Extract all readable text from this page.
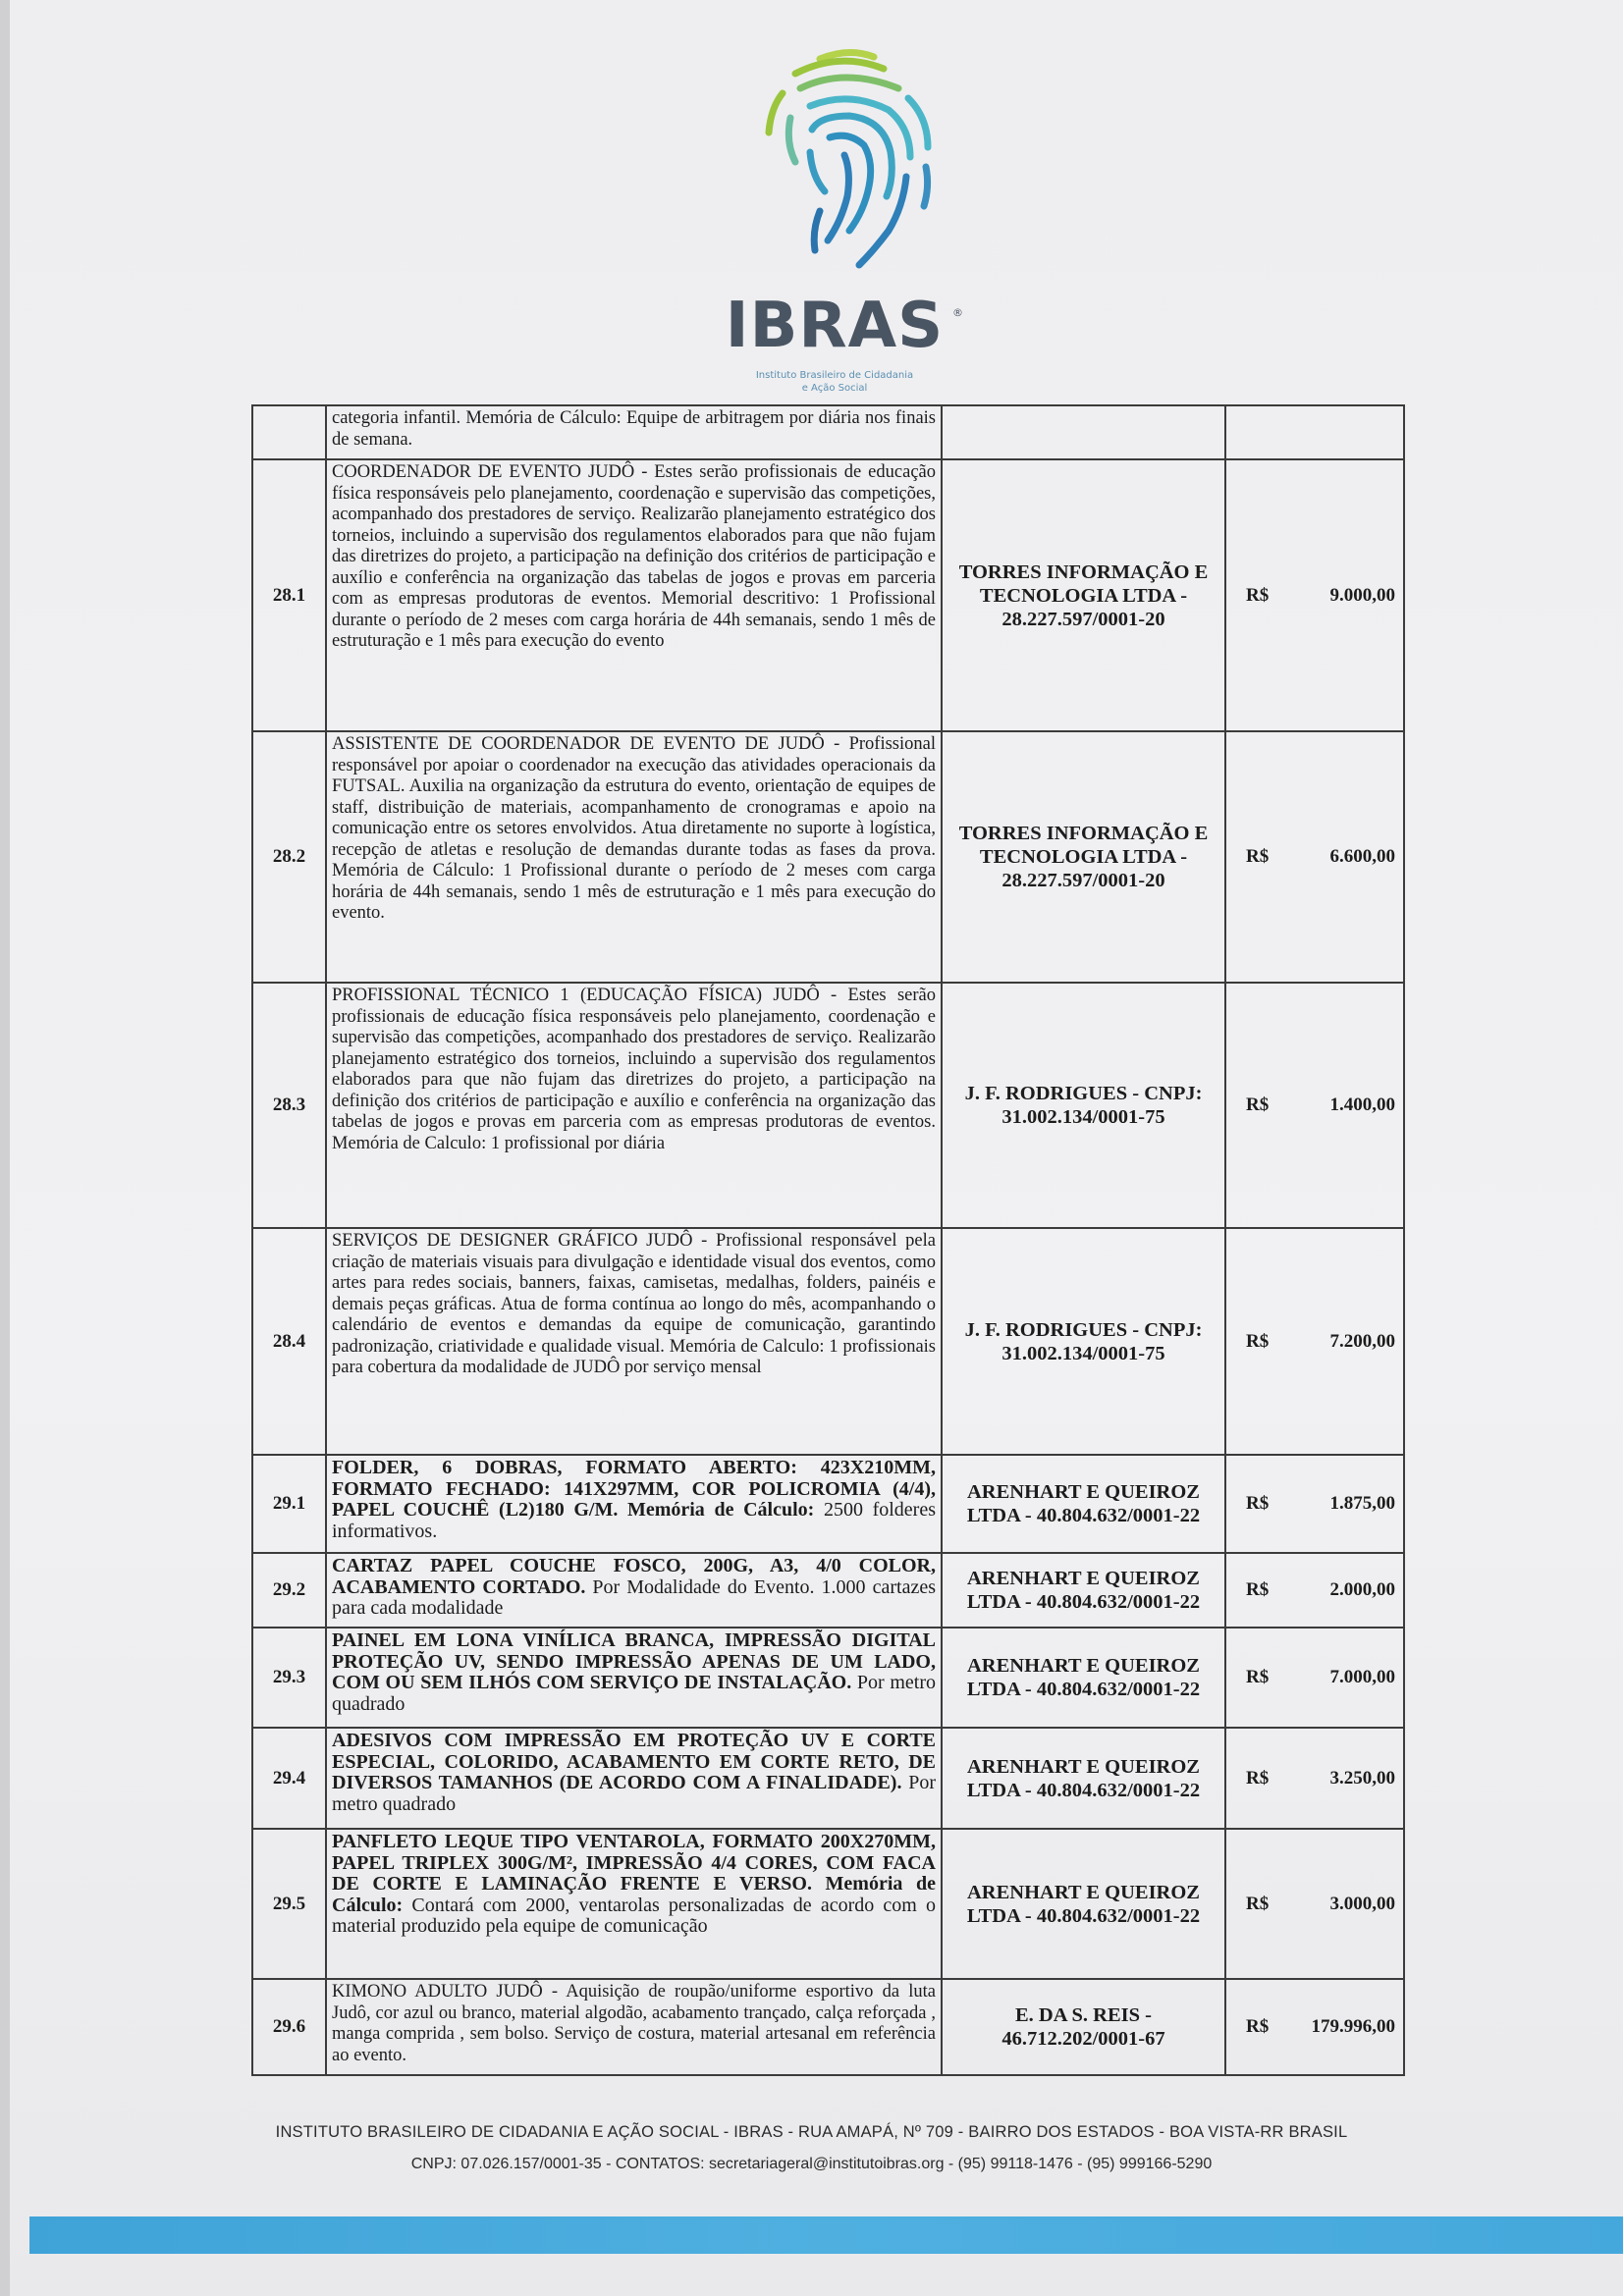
IBRAS ®
Instituto Brasileiro de Cidadania
e Ação Social
	categoria infantil. Memória de Cálculo: Equipe de arbitragem por diária nos finais de semana.		
28.1	COORDENADOR DE EVENTO JUDÔ - Estes serão profissionais de educação física responsáveis pelo planejamento, coordenação e supervisão das competições, acompanhado dos prestadores de serviço. Realizarão planejamento estratégico dos torneios, incluindo a supervisão dos regulamentos elaborados para que não fujam das diretrizes do projeto, a participação na definição dos critérios de participação e auxílio e conferência na organização das tabelas de jogos e provas em parceria com as empresas produtoras de eventos. Memorial descritivo: 1 Profissional durante o período de 2 meses com carga horária de 44h semanais, sendo 1 mês de estruturação e 1 mês para execução do evento	TORRES INFORMAÇÃO E TECNOLOGIA LTDA - 28.227.597/0001-20	R$ 9.000,00

28.2	ASSISTENTE DE COORDENADOR DE EVENTO DE JUDÔ - Profissional responsável por apoiar o coordenador na execução das atividades operacionais da FUTSAL. Auxilia na organização da estrutura do evento, orientação de equipes de staff, distribuição de materiais, acompanhamento de cronogramas e apoio na comunicação entre os setores envolvidos. Atua diretamente no suporte à logística, recepção de atletas e resolução de demandas durante todas as fases da prova. Memória de Cálculo: 1 Profissional durante o período de 2 meses com carga horária de 44h semanais, sendo 1 mês de estruturação e 1 mês para execução do evento.	TORRES INFORMAÇÃO E TECNOLOGIA LTDA - 28.227.597/0001-20	R$ 6.600,00

28.3	PROFISSIONAL TÉCNICO 1 (EDUCAÇÃO FÍSICA) JUDÔ - Estes serão profissionais de educação física responsáveis pelo planejamento, coordenação e supervisão das competições, acompanhado dos prestadores de serviço. Realizarão planejamento estratégico dos torneios, incluindo a supervisão dos regulamentos elaborados para que não fujam das diretrizes do projeto, a participação na definição dos critérios de participação e auxílio e conferência na organização das tabelas de jogos e provas em parceria com as empresas produtoras de eventos. Memória de Calculo: 1 profissional por diária	J. F. RODRIGUES - CNPJ: 31.002.134/0001-75	R$ 1.400,00

28.4	SERVIÇOS DE DESIGNER GRÁFICO JUDÔ - Profissional responsável pela criação de materiais visuais para divulgação e identidade visual dos eventos, como artes para redes sociais, banners, faixas, camisetas, medalhas, folders, painéis e demais peças gráficas. Atua de forma contínua ao longo do mês, acompanhando o calendário de eventos e demandas da equipe de comunicação, garantindo padronização, criatividade e qualidade visual. Memória de Calculo: 1 profissionais para cobertura da modalidade de JUDÔ por serviço mensal	J. F. RODRIGUES - CNPJ: 31.002.134/0001-75	R$ 7.200,00

29.1	FOLDER, 6 DOBRAS, FORMATO ABERTO: 423X210MM, FORMATO FECHADO: 141X297MM, COR POLICROMIA (4/4), PAPEL COUCHÊ (L2)180 G/M. Memória de Cálculo: 2500 folderes informativos.	ARENHART E QUEIROZ LTDA - 40.804.632/0001-22	R$ 1.875,00

29.2	CARTAZ PAPEL COUCHE FOSCO, 200G, A3, 4/0 COLOR, ACABAMENTO CORTADO. Por Modalidade do Evento. 1.000 cartazes para cada modalidade	ARENHART E QUEIROZ LTDA - 40.804.632/0001-22	R$ 2.000,00

29.3	PAINEL EM LONA VINÍLICA BRANCA, IMPRESSÃO DIGITAL PROTEÇÃO UV, SENDO IMPRESSÃO APENAS DE UM LADO, COM OU SEM ILHÓS COM SERVIÇO DE INSTALAÇÃO. Por metro quadrado	ARENHART E QUEIROZ LTDA - 40.804.632/0001-22	R$ 7.000,00

29.4	ADESIVOS COM IMPRESSÃO EM PROTEÇÃO UV E CORTE ESPECIAL, COLORIDO, ACABAMENTO EM CORTE RETO, DE DIVERSOS TAMANHOS (DE ACORDO COM A FINALIDADE). Por metro quadrado	ARENHART E QUEIROZ LTDA - 40.804.632/0001-22	R$ 3.250,00

29.5	PANFLETO LEQUE TIPO VENTAROLA, FORMATO 200X270MM, PAPEL TRIPLEX 300G/M², IMPRESSÃO 4/4 CORES, COM FACA DE CORTE E LAMINAÇÃO FRENTE E VERSO. Memória de Cálculo: Contará com 2000, ventarolas personalizadas de acordo com o material produzido pela equipe de comunicação	ARENHART E QUEIROZ LTDA - 40.804.632/0001-22	R$ 3.000,00

29.6	KIMONO ADULTO JUDÔ - Aquisição de roupão/uniforme esportivo da luta Judô, cor azul ou branco, material algodão, acabamento trançado, calça reforçada , manga comprida , sem bolso. Serviço de costura, material artesanal em referência ao evento.	E. DA S. REIS - 46.712.202/0001-67	R$ 179.996,00
INSTITUTO BRASILEIRO DE CIDADANIA E AÇÃO SOCIAL - IBRAS - RUA AMAPÁ, Nº 709 - BAIRRO DOS ESTADOS - BOA VISTA-RR BRASIL
CNPJ: 07.026.157/0001-35 - CONTATOS: secretariageral@institutoibras.org - (95) 99118-1476 - (95) 999166-5290
